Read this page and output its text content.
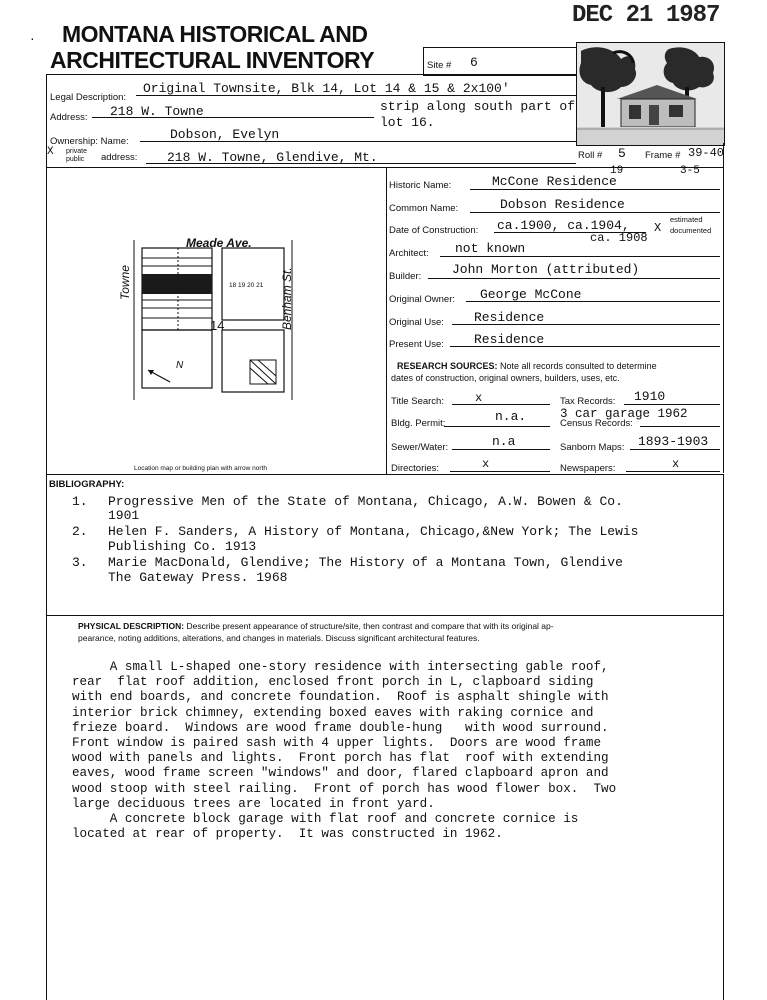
DEC 21 1987
· MONTANA HISTORICAL AND
ARCHITECTURAL INVENTORY	Site # 6
Legal Description:
Original Townsite, Blk 14, Lot 14 & 15 & 2x100'
Address: 218 W. Towne	strip along south part of
lot 16.
Ownership: Name:	Dobson, Evelyn
X private
public address: 218 W. Towne, Glendive, Mt.	Roll # 5 Frame # 39-40
Meade Ave.
Towne	Benham St.
14
18 19 20 21
N
Location map or building plan with arrow north
19	3-5
Historic Name:	McCone Residence
Common Name:	Dobson Residence
Date of Construction: ca.1900, ca.1904,
ca. 1908
X
estimated
documented
Architect: not known
Builder: John Morton (attributed)
Original Owner: George McCone
Original Use: Residence
Present Use: Residence
RESEARCH SOURCES: Note all records consulted to determine
dates of construction, original owners, builders, uses, etc.
Title Search:	x	Tax Records: 1910
Bldg. Permit:	n.a.	Census Records:
3 car garage 1962
Sewer/Water:	n.a	Sanborn Maps: 1893-1903
Directories:	x	Newspapers:	x
BIBLIOGRAPHY:
1. Progressive Men of the State of Montana, Chicago, A.W. Bowen & Co.
1901
2. Helen F. Sanders, A History of Montana, Chicago,&New York; The Lewis
Publishing Co. 1913
3. Marie MacDonald, Glendive; The History of a Montana Town, Glendive
The Gateway Press. 1968
PHYSICAL DESCRIPTION: Describe present appearance of structure/site, then contrast and compare that with its original ap-
pearance, noting additions, alterations, and changes in materials. Discuss significant architectural features.
A small L-shaped one-story residence with intersecting gable roof,
rear  flat roof addition, enclosed front porch in L, clapboard siding
with end boards, and concrete foundation.  Roof is asphalt shingle with
interior brick chimney, extending boxed eaves with raking cornice and
frieze board.  Windows are wood frame double-hung   with wood surround.
Front window is paired sash with 4 upper lights.  Doors are wood frame
wood with panels and lights.  Front porch has flat  roof with extending
eaves, wood frame screen "windows" and door, flared clapboard apron and
wood stoop with steel railing.  Front of porch has wood flower box.  Two
large deciduous trees are located in front yard.
A concrete block garage with flat roof and concrete cornice is
located at rear of property.  It was constructed in 1962.
